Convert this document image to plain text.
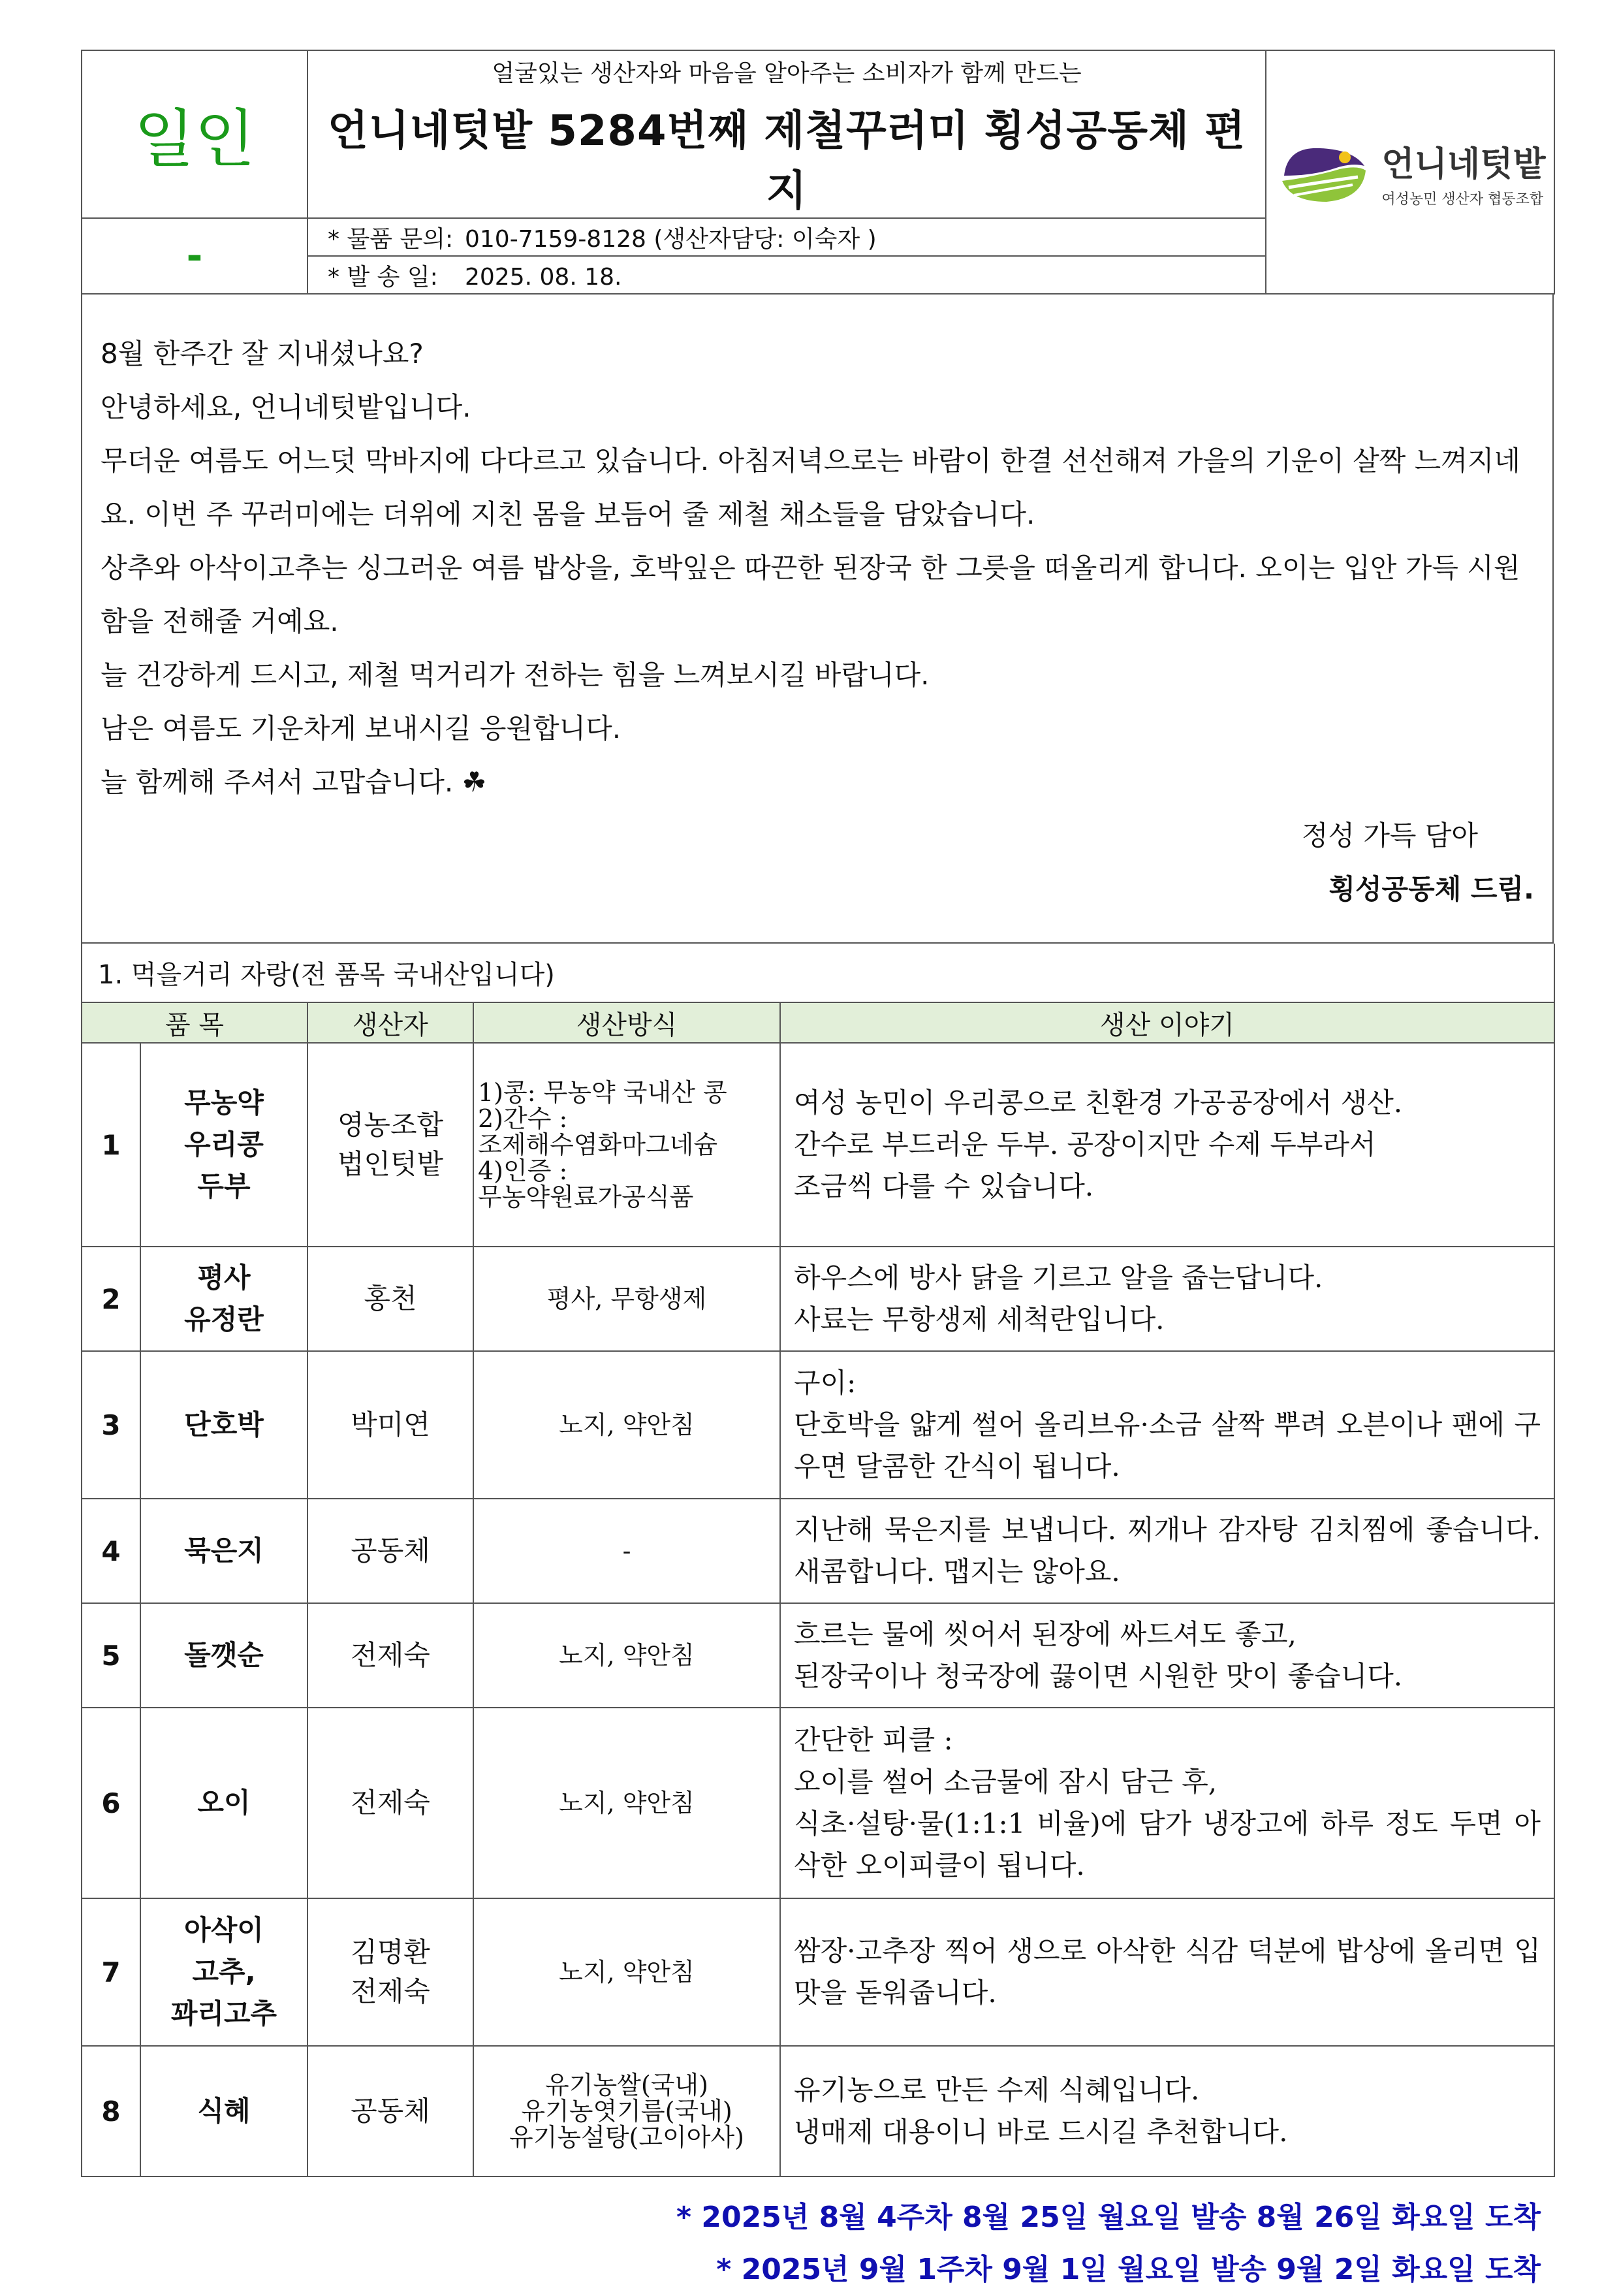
일인	얼굴있는 생산자와 마음을 알아주는 소비자가 함께 만드는
언니네텃밭 5284번째 제철꾸러미 횡성공동체 편지	언니네텃밭
여성농민 생산자 협동조합

-	* 물품 문의: 010-7159-8128 (생산자담당: 이숙자 )	
	* 발 송 일: 2025. 08. 18.	

8월 한주간 잘 지내셨나요?

안녕하세요, 언니네텃밭입니다.

무더운 여름도 어느덧 막바지에 다다르고 있습니다. 아침저녁으로는 바람이 한결 선선해져 가을의 기운이 살짝 느껴지네요. 이번 주 꾸러미에는 더위에 지친 몸을 보듬어 줄 제철 채소들을 담았습니다.

상추와 아삭이고추는 싱그러운 여름 밥상을, 호박잎은 따끈한 된장국 한 그릇을 떠올리게 합니다. 오이는 입안 가득 시원함을 전해줄 거예요.

늘 건강하게 드시고, 제철 먹거리가 전하는 힘을 느껴보시길 바랍니다.

남은 여름도 기운차게 보내시길 응원합니다.

늘 함께해 주셔서 고맙습니다. ☘

정성 가득 담아

횡성공동체 드림.

1. 먹을거리 자랑(전 품목 국내산입니다)				
품 목		생산자	생산방식	생산 이야기
1	무농약
우리콩
두부	영농조합
법인텃밭	1)콩: 무농약 국내산 콩
2)간수 :
조제해수염화마그네슘
4)인증 :
무농약원료가공식품	여성 농민이 우리콩으로 친환경 가공공장에서 생산.
간수로 부드러운 두부. 공장이지만 수제 두부라서
조금씩 다를 수 있습니다.
2	평사
유정란	홍천	평사, 무항생제	하우스에 방사 닭을 기르고 알을 줍는답니다.
사료는 무항생제 세척란입니다.
3	단호박	박미연	노지, 약안침	구이:
단호박을 얇게 썰어 올리브유·소금 살짝 뿌려 오븐이나 팬에 구우면 달콤한 간식이 됩니다.
4	묵은지	공동체	-	지난해 묵은지를 보냅니다. 찌개나 감자탕 김치찜에 좋습니다. 새콤합니다. 맵지는 않아요.
5	돌깻순	전제숙	노지, 약안침	흐르는 물에 씻어서 된장에 싸드셔도 좋고,
된장국이나 청국장에 끓이면 시원한 맛이 좋습니다.
6	오이	전제숙	노지, 약안침	간단한 피클 :
오이를 썰어 소금물에 잠시 담근 후,
식초·설탕·물(1:1:1 비율)에 담가 냉장고에 하루 정도 두면 아삭한 오이피클이 됩니다.
7	아삭이
고추,
꽈리고추	김명환
전제숙	노지, 약안침	쌈장·고추장 찍어 생으로 아삭한 식감 덕분에 밥상에 올리면 입맛을 돋워줍니다.
8	식혜	공동체	유기농쌀(국내)
유기농엿기름(국내)
유기농설탕(고이아사)	유기농으로 만든 수제 식혜입니다.
냉매제 대용이니 바로 드시길 추천합니다.
* 2025년 8월 4주차 8월 25일 월요일 발송 8월 26일 화요일 도착
* 2025년 9월 1주차 9월 1일 월요일 발송 9월 2일 화요일 도착
